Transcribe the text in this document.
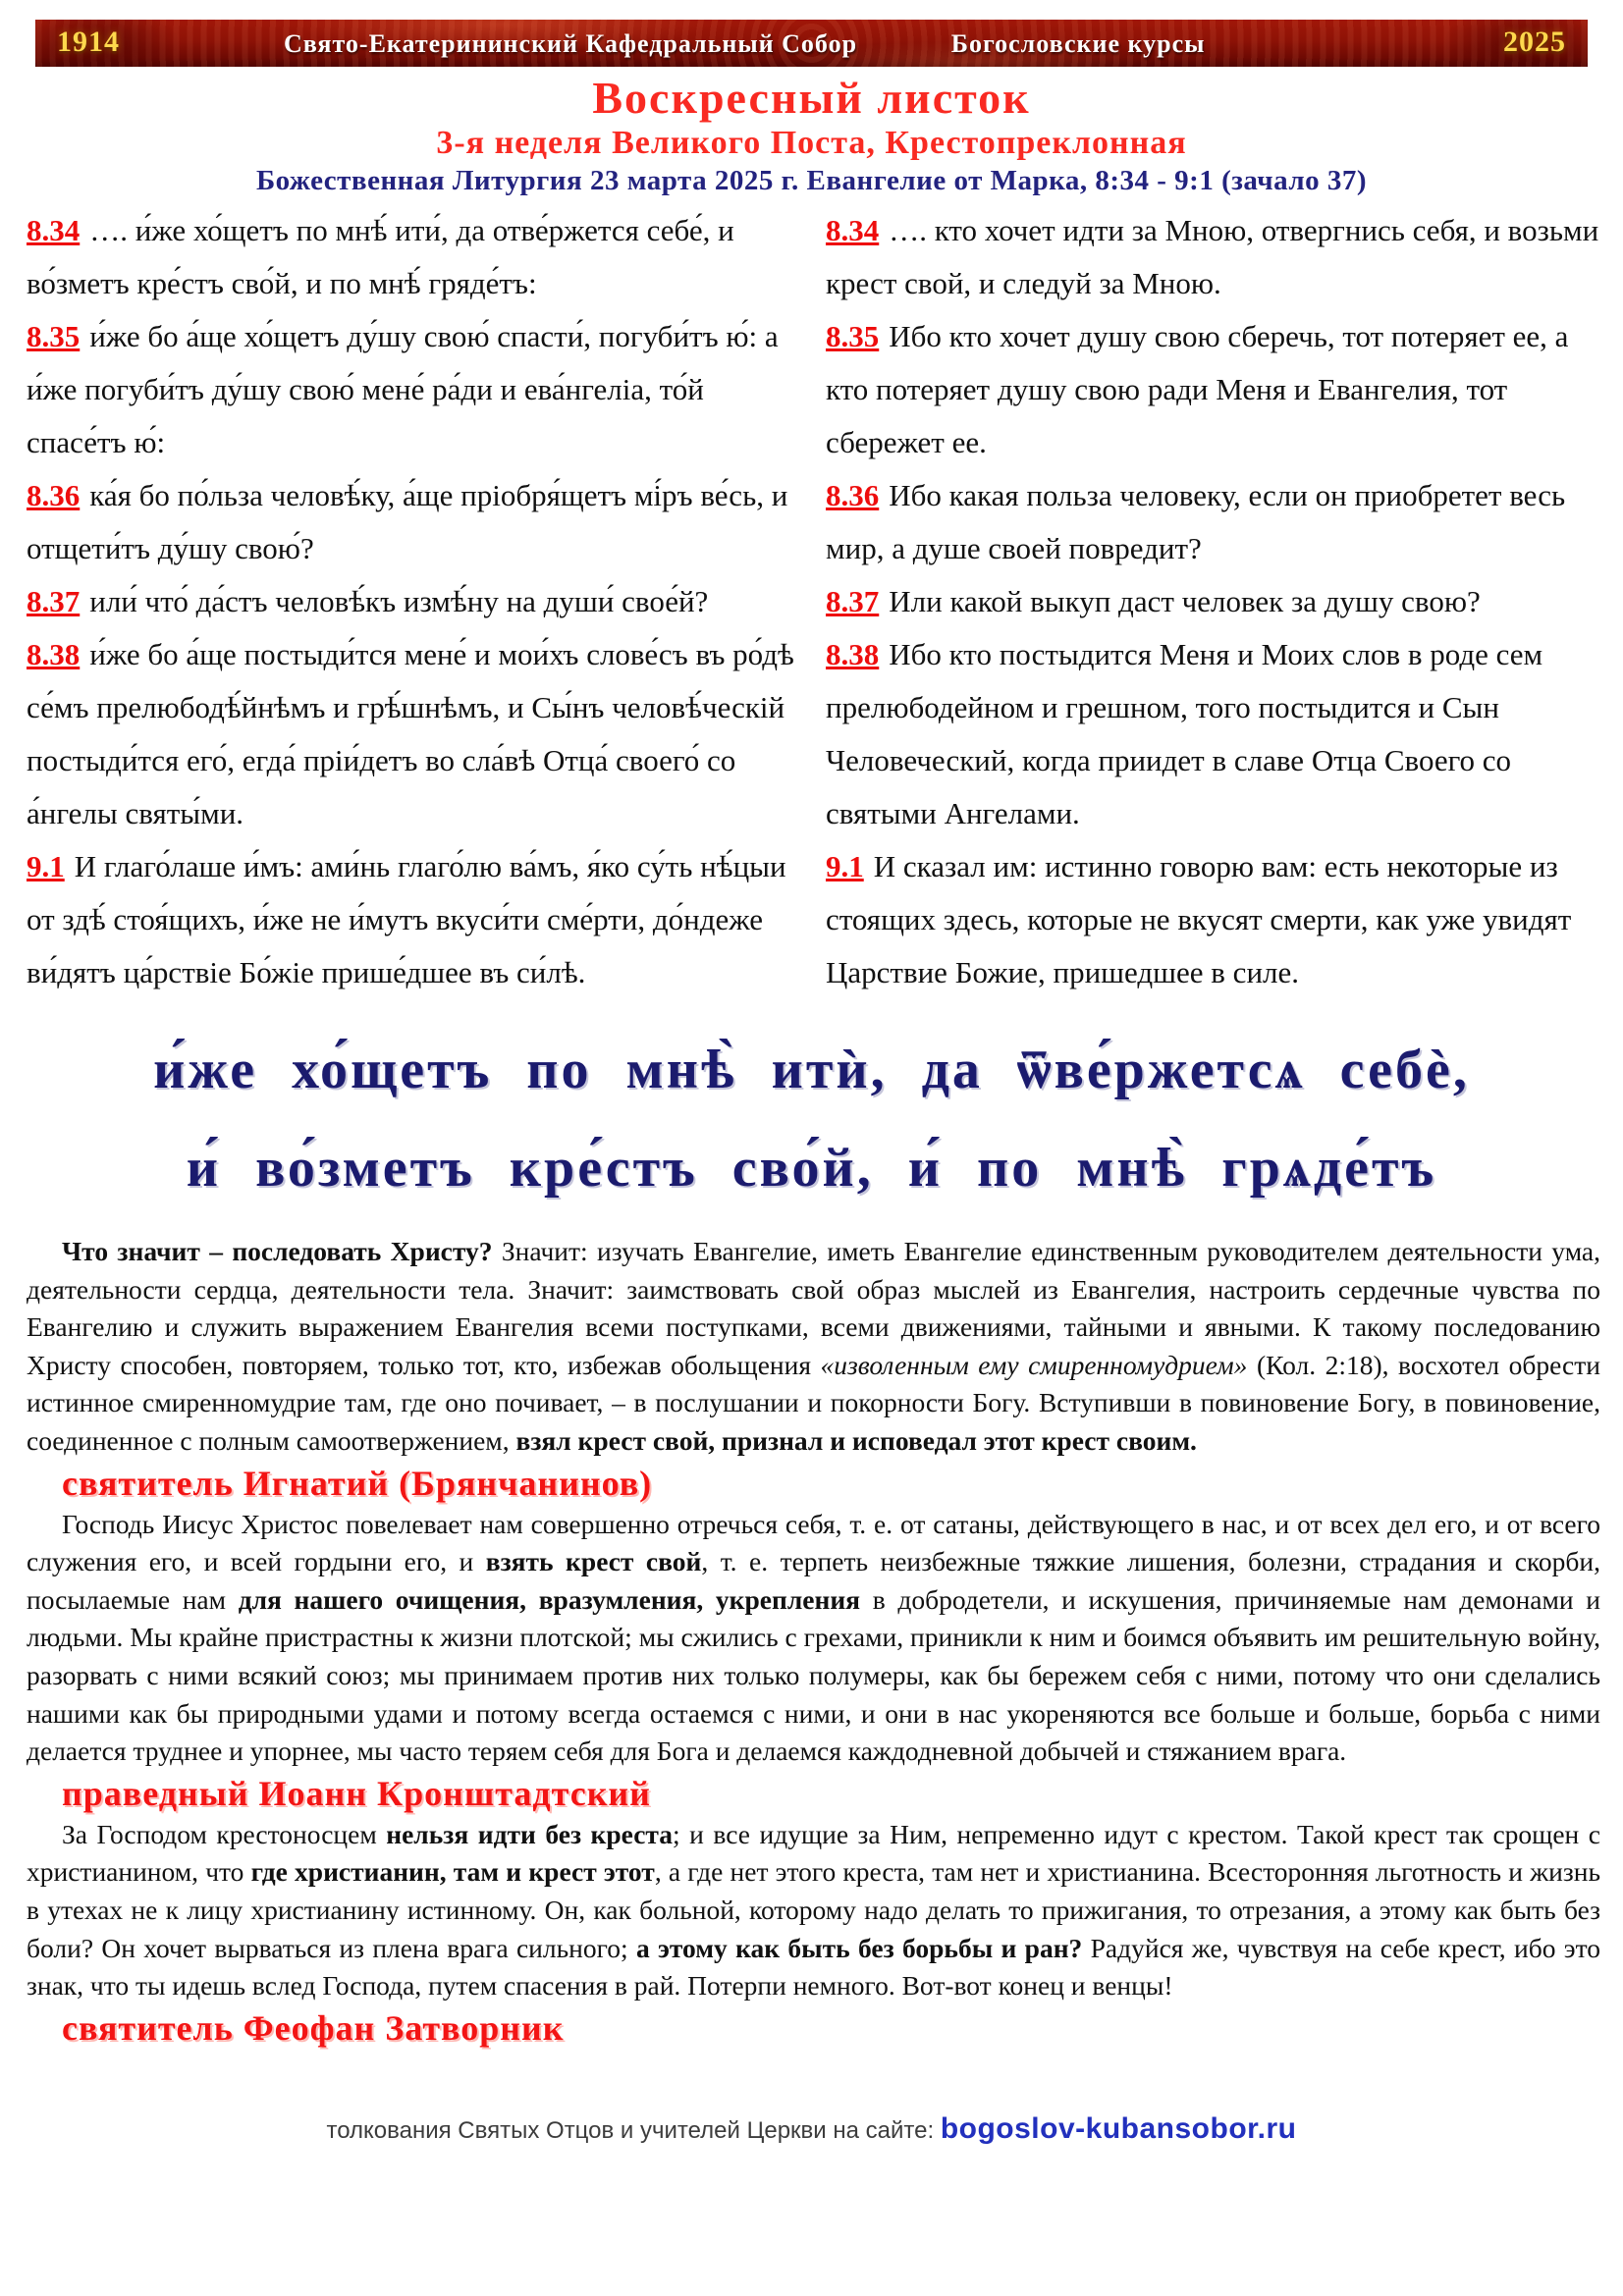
1914	Свято-Екатерининский Кафедральный Собор	Богословские курсы	2025
Воскресный листок
3-я неделя Великого Поста, Крестопреклонная
Божественная Литургия 23 марта 2025 г. Евангелие от Марка, 8:34 - 9:1 (зачало 37)

8.34 …. и́же хо́щетъ по мнѣ́ ити́, да отве́ржется себе́, и во́зметъ кре́стъ сво́й, и по мнѣ́ гряде́тъ:

8.35 и́же бо а́ще хо́щетъ ду́шу свою́ спасти́, погуби́тъ ю́: а и́же погуби́тъ ду́шу свою́ мене́ ра́ди и ева́нгеліа, то́й спасе́тъ ю́:

8.36 ка́я бо по́льза человѣ́ку, а́ще пріобря́щетъ мі́ръ ве́сь, и отщети́тъ ду́шу свою́?

8.37 или́ что́ да́стъ человѣ́къ измѣ́ну на души́ свое́й?

8.38 и́же бо а́ще постыди́тся мене́ и мои́хъ слове́съ въ ро́дѣ се́мъ прелюбодѣ́йнѣмъ и грѣ́шнѣмъ, и Сы́нъ человѣ́ческій постыди́тся его́, егда́ пріи́детъ во сла́вѣ Отца́ своего́ со а́нгелы святы́ми.

9.1 И глаго́лаше и́мъ: ами́нь глаго́лю ва́мъ, я́ко су́ть нѣ́цыи от здѣ́ стоя́щихъ, и́же не и́мутъ вкуси́ти сме́рти, до́ндеже ви́дятъ ца́рствіе Бо́жіе прише́дшее въ си́лѣ.

8.34 …. кто хочет идти за Мною, отвергнись себя, и возьми крест свой, и следуй за Мною.

8.35 Ибо кто хочет душу свою сберечь, тот потеряет ее, а кто потеряет душу свою ради Меня и Евангелия, тот сбережет ее.

8.36 Ибо какая польза человеку, если он приобретет весь мир, а душе своей повредит?

8.37 Или какой выкуп даст человек за душу свою?

8.38 Ибо кто постыдится Меня и Моих слов в роде сем прелюбодейном и грешном, того постыдится и Сын Человеческий, когда приидет в славе Отца Своего со святыми Ангелами.

9.1 И сказал им: истинно говорю вам: есть некоторые из стоящих здесь, которые не вкусят смерти, как уже увидят Царствие Божие, пришедшее в силе.

и́же хо́щетъ по мнѣ̀ итѝ, да ѿве́ржетсѧ себѐ,
и́ во́зметъ кре́стъ сво́й, и́ по мнѣ̀ грѧде́тъ

Что значит – последовать Христу? Значит: изучать Евангелие, иметь Евангелие единственным руководителем деятельности ума, деятельности сердца, деятельности тела. Значит: заимствовать свой образ мыслей из Евангелия, настроить сердечные чувства по Евангелию и служить выражением Евангелия всеми поступками, всеми движениями, тайными и явными. К такому последованию Христу способен, повторяем, только тот, кто, избежав обольщения «изволенным ему смиренномудрием» (Кол. 2:18), восхотел обрести истинное смиренномудрие там, где оно почивает, – в послушании и покорности Богу. Вступивши в повиновение Богу, в повиновение, соединенное с полным самоотвержением, взял крест свой, признал и исповедал этот крест своим.

святитель Игнатий (Брянчанинов)

Господь Иисус Христос повелевает нам совершенно отречься себя, т. е. от сатаны, действующего в нас, и от всех дел его, и от всего служения его, и всей гордыни его, и взять крест свой, т. е. терпеть неизбежные тяжкие лишения, болезни, страдания и скорби, посылаемые нам для нашего очищения, вразумления, укрепления в добродетели, и искушения, причиняемые нам демонами и людьми. Мы крайне пристрастны к жизни плотской; мы сжились с грехами, приникли к ним и боимся объявить им решительную войну, разорвать с ними всякий союз; мы принимаем против них только полумеры, как бы бережем себя с ними, потому что они сделались нашими как бы природными удами и потому всегда остаемся с ними, и они в нас укореняются все больше и больше, борьба с ними делается труднее и упорнее, мы часто теряем себя для Бога и делаемся каждодневной добычей и стяжанием врага.

праведный Иоанн Кронштадтский

За Господом крестоносцем нельзя идти без креста; и все идущие за Ним, непременно идут с крестом. Такой крест так срощен с христианином, что где христианин, там и крест этот, а где нет этого креста, там нет и христианина. Всесторонняя льготность и жизнь в утехах не к лицу христианину истинному. Он, как больной, которому надо делать то прижигания, то отрезания, а этому как быть без боли? Он хочет вырваться из плена врага сильного; а этому как быть без борьбы и ран? Радуйся же, чувствуя на себе крест, ибо это знак, что ты идешь вслед Господа, путем спасения в рай. Потерпи немного. Вот-вот конец и венцы!

святитель Феофан Затворник

толкования Святых Отцов и учителей Церкви на сайте: bogoslov-kubansobor.ru
